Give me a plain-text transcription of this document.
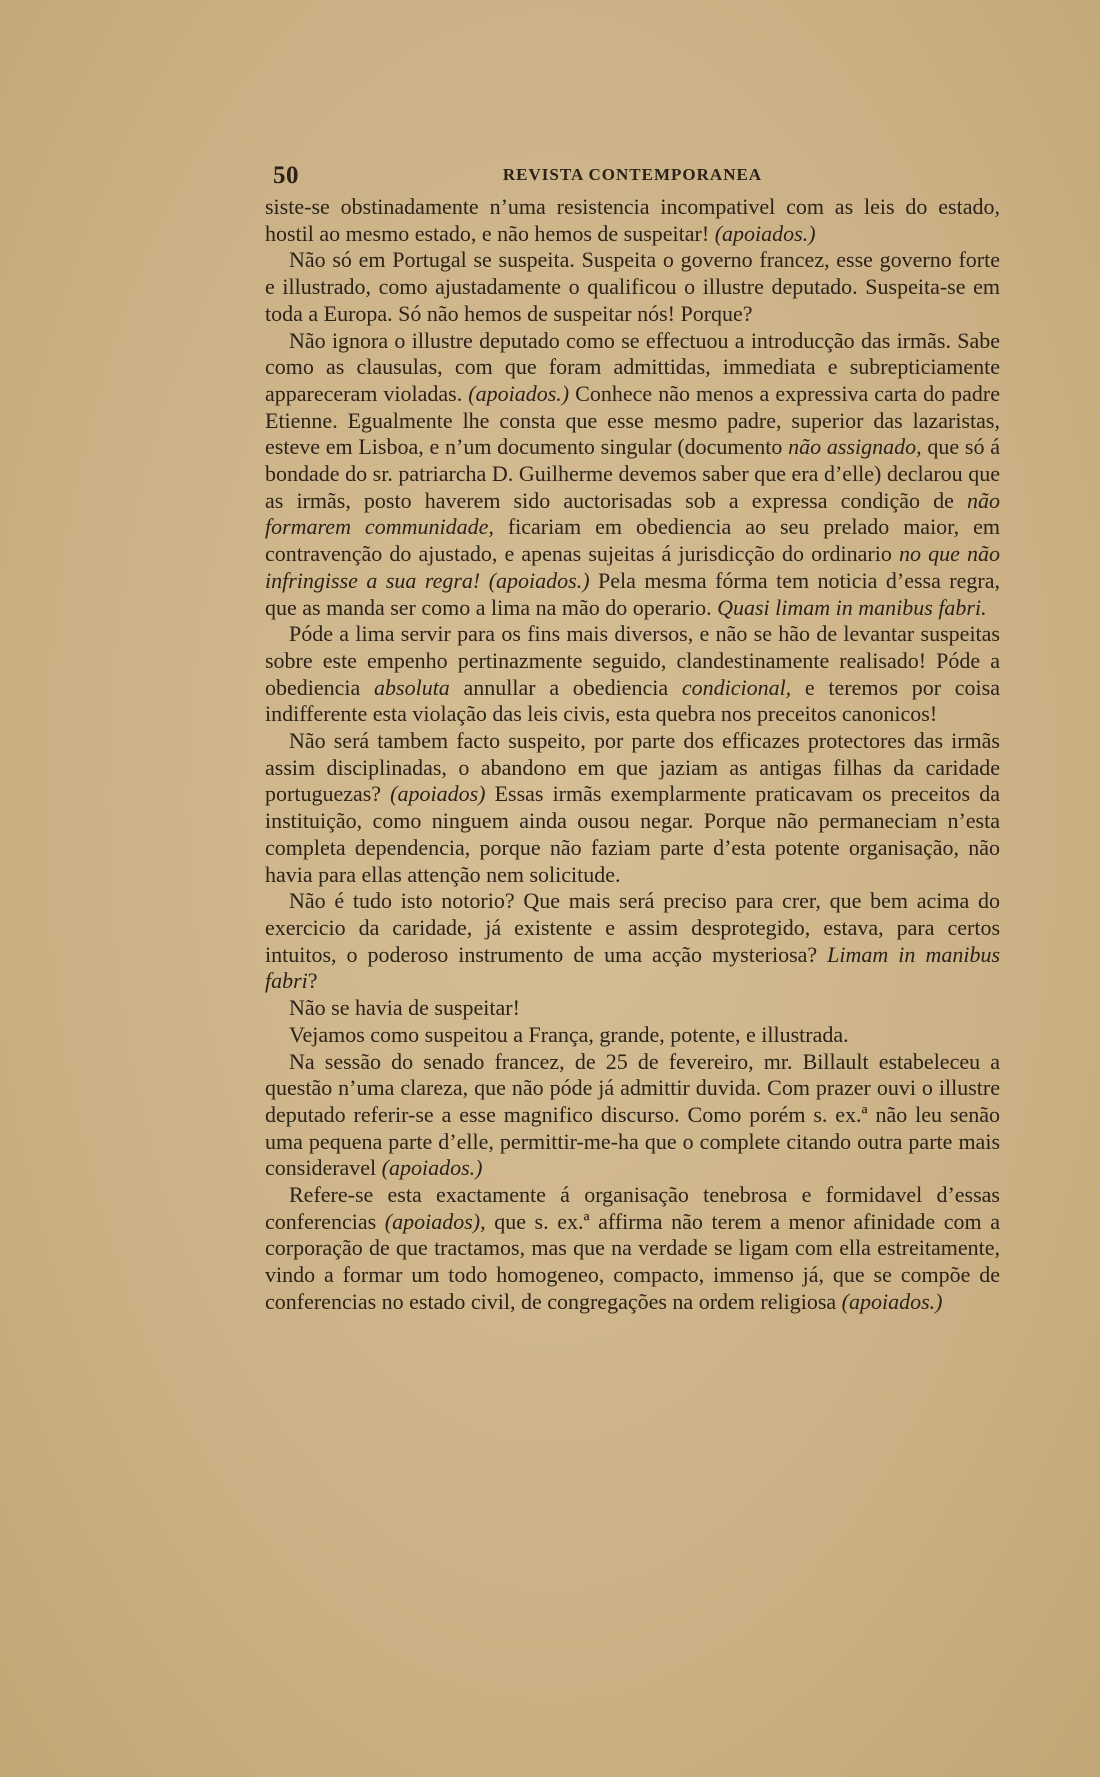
50	REVISTA CONTEMPORANEA

siste-se obstinadamente n’uma resistencia incompativel com as leis do estado, hostil ao mesmo estado, e não hemos de suspeitar! (apoiados.)

Não só em Portugal se suspeita. Suspeita o governo francez, esse governo forte e illustrado, como ajustadamente o qualificou o illustre deputado. Suspeita-se em toda a Europa. Só não hemos de suspeitar nós! Porque?

Não ignora o illustre deputado como se effectuou a introducção das irmãs. Sabe como as clausulas, com que foram admittidas, immediata e subrepticiamente appareceram violadas. (apoiados.) Conhece não menos a expressiva carta do padre Etienne. Egualmente lhe consta que esse mesmo padre, superior das lazaristas, esteve em Lisboa, e n’um documento singular (documento não assignado, que só á bondade do sr. patriarcha D. Guilherme devemos saber que era d’elle) declarou que as irmãs, posto haverem sido auctorisadas sob a expressa condição de não formarem communidade, ficariam em obediencia ao seu prelado maior, em contravenção do ajustado, e apenas sujeitas á jurisdicção do ordinario no que não infringisse a sua regra! (apoiados.) Pela mesma fórma tem noticia d’essa regra, que as manda ser como a lima na mão do operario. Quasi limam in manibus fabri.

Póde a lima servir para os fins mais diversos, e não se hão de levantar suspeitas sobre este empenho pertinazmente seguido, clandestinamente realisado! Póde a obediencia absoluta annullar a obediencia condicional, e teremos por coisa indifferente esta violação das leis civis, esta quebra nos preceitos canonicos!

Não será tambem facto suspeito, por parte dos efficazes protectores das irmãs assim disciplinadas, o abandono em que jaziam as antigas filhas da caridade portuguezas? (apoiados) Essas irmãs exemplarmente praticavam os preceitos da instituição, como ninguem ainda ousou negar. Porque não permaneciam n’esta completa dependencia, porque não faziam parte d’esta potente organisação, não havia para ellas attenção nem solicitude.

Não é tudo isto notorio? Que mais será preciso para crer, que bem acima do exercicio da caridade, já existente e assim desprotegido, estava, para certos intuitos, o poderoso instrumento de uma acção mysteriosa? Limam in manibus fabri?

Não se havia de suspeitar!

Vejamos como suspeitou a França, grande, potente, e illustrada.

Na sessão do senado francez, de 25 de fevereiro, mr. Billault estabeleceu a questão n’uma clareza, que não póde já admittir duvida. Com prazer ouvi o illustre deputado referir-se a esse magnifico discurso. Como porém s. ex.ª não leu senão uma pequena parte d’elle, permittir-me-ha que o complete citando outra parte mais consideravel (apoiados.)

Refere-se esta exactamente á organisação tenebrosa e formidavel d’essas conferencias (apoiados), que s. ex.ª affirma não terem a menor afinidade com a corporação de que tractamos, mas que na verdade se ligam com ella estreitamente, vindo a formar um todo homogeneo, compacto, immenso já, que se compõe de conferencias no estado civil, de congregações na ordem religiosa (apoiados.)
